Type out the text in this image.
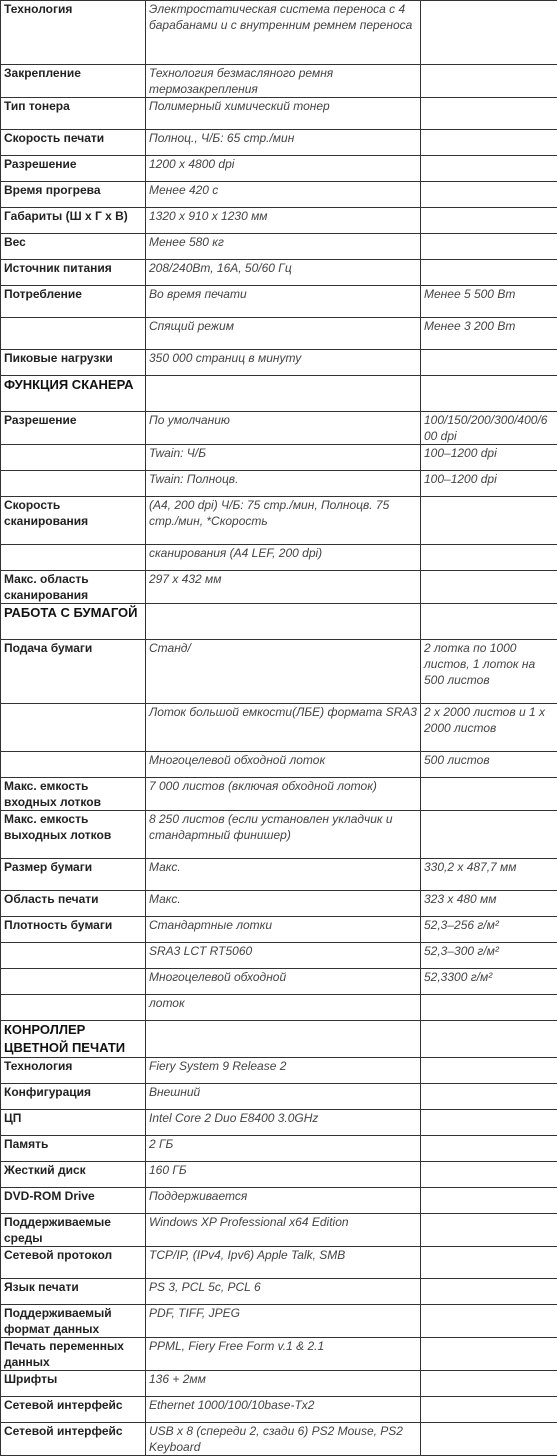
Технология	Электростатическая система переноса с 4 барабанами и с внутренним ремнем переноса	
Закрепление	Технология безмасляного ремня термозакрепления	
Тип тонера	Полимерный химический тонер	
Скорость печати	Полноц., Ч/Б: 65 стр./мин	
Разрешение	1200 x 4800 dpi	
Время прогрева	Менее 420 с	
Габариты (Ш х Г х В)	1320 x 910 x 1230 мм	
Вес	Менее 580 кг	
Источник питания	208/240Вт, 16А, 50/60 Гц	
Потребление	Во время печати	Менее 5 500 Вт
	Спящий режим	Менее 3 200 Вт
Пиковые нагрузки	350 000 страниц в минуту	
ФУНКЦИЯ СКАНЕРА		
Разрешение	По умолчанию	100/150/200/300/400/600 dpi
	Twain: Ч/Б	100–1200 dpi
	Twain: Полноцв.	100–1200 dpi
Скорость сканирования	(А4, 200 dpi) Ч/Б: 75 стр./мин, Полноцв. 75 стр./мин, *Скорость	
	сканирования (А4 LEF, 200 dpi)	
Макс. область сканирования	297 х 432 мм	
РАБОТА С БУМАГОЙ		
Подача бумаги	Станд/	2 лотка по 1000 листов, 1 лоток на 500 листов
	Лоток большой емкости(ЛБЕ) формата SRA3	2 х 2000 листов и 1 х 2000 листов
	Многоцелевой обходной лоток	500 листов
Макс. емкость входных лотков	7 000 листов (включая обходной лоток)	
Макс. емкость выходных лотков	8 250 листов (если установлен укладчик и стандартный финишер)	
Размер бумаги	Макс.	330,2 x 487,7 мм
Область печати	Макс.	323 x 480 мм
Плотность бумаги	Стандартные лотки	52,3–256 г/м²
	SRA3 LCT RT5060	52,3–300 г/м²
	Многоцелевой обходной	52,3300 г/м²
	лоток	
КОНРОЛЛЕР ЦВЕТНОЙ ПЕЧАТИ		
Технология	Fiery System 9 Release 2	
Конфигурация	Внешний	
ЦП	Intel Core 2 Duo E8400 3.0GHz	
Память	2 ГБ	
Жесткий диск	160 ГБ	
DVD-ROM Drive	Поддерживается	
Поддерживаемые среды	Windows XP Professional x64 Edition	
Сетевой протокол	TCP/IP, (IPv4, Ipv6) Apple Talk, SMB	
Язык печати	PS 3, PCL 5c, PCL 6	
Поддерживаемый формат данных	PDF, TIFF, JPEG	
Печать переменных данных	PPML, Fiery Free Form v.1 & 2.1	
Шрифты	136 + 2мм	
Сетевой интерфейс	Ethernet 1000/100/10base-Tx2	
Сетевой интерфейс	USB x 8 (спереди 2, сзади 6) PS2 Mouse, PS2 Keyboard	
